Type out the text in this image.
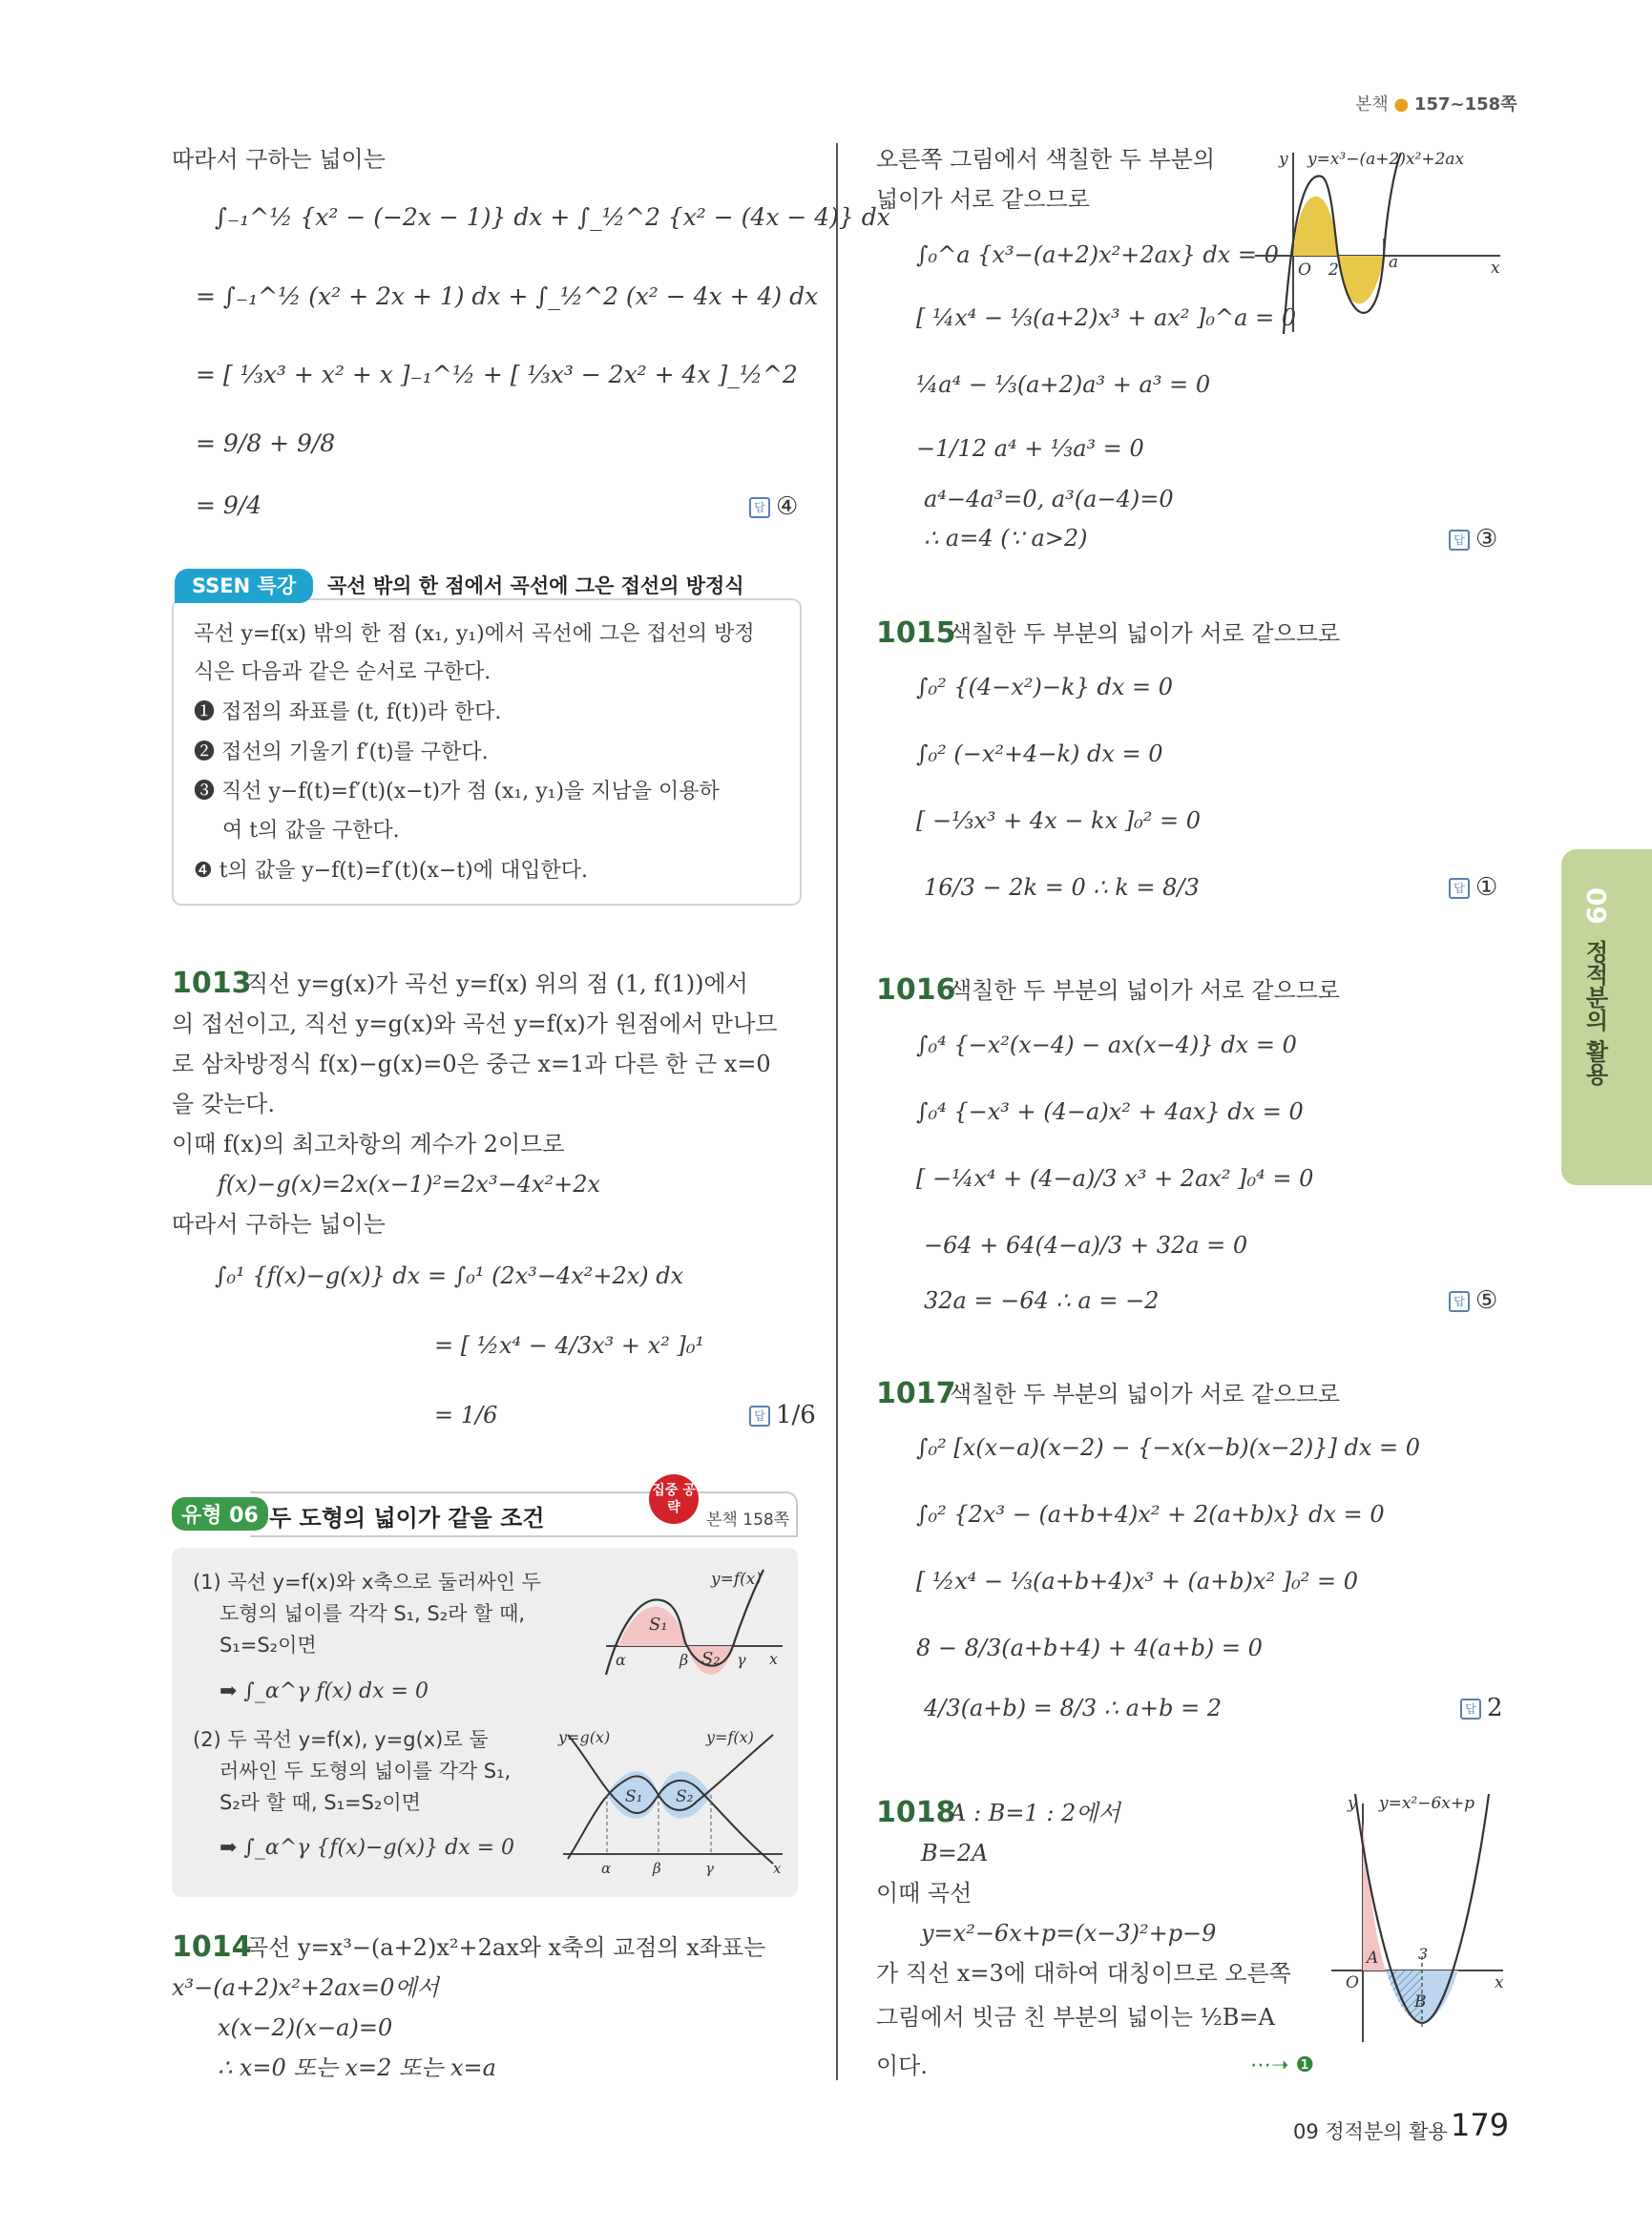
본책 ● 157~158쪽
따라서 구하는 넓이는
∫₋₁^½ {x² − (−2x − 1)} dx + ∫_½^2 {x² − (4x − 4)} dx
= ∫₋₁^½ (x² + 2x + 1) dx + ∫_½^2 (x² − 4x + 4) dx
= [ ⅓x³ + x² + x ]₋₁^½ + [ ⅓x³ − 2x² + 4x ]_½^2
= 9/8 + 9/8
= 9/4	답 ④
SSEN 특강	곡선 밖의 한 점에서 곡선에 그은 접선의 방정식
곡선 y=f(x) 밖의 한 점 (x₁, y₁)에서 곡선에 그은 접선의 방정
식은 다음과 같은 순서로 구한다.
❶ 접점의 좌표를 (t, f(t))라 한다.
❷ 접선의 기울기 f′(t)를 구한다.
❸ 직선 y−f(t)=f′(t)(x−t)가 점 (x₁, y₁)을 지남을 이용하
여 t의 값을 구한다.
❹ t의 값을 y−f(t)=f′(t)(x−t)에 대입한다.
1013
직선 y=g(x)가 곡선 y=f(x) 위의 점 (1, f(1))에서
의 접선이고, 직선 y=g(x)와 곡선 y=f(x)가 원점에서 만나므
로 삼차방정식 f(x)−g(x)=0은 중근 x=1과 다른 한 근 x=0
을 갖는다.
이때 f(x)의 최고차항의 계수가 2이므로
f(x)−g(x)=2x(x−1)²=2x³−4x²+2x
따라서 구하는 넓이는
∫₀¹ {f(x)−g(x)} dx = ∫₀¹ (2x³−4x²+2x) dx
= [ ½x⁴ − 4/3x³ + x² ]₀¹
= 1/6	답 1/6
유형 06 두 도형의 넓이가 같을 조건
집중 공략
본책 158쪽
(1) 곡선 y=f(x)와 x축으로 둘러싸인 두
도형의 넓이를 각각 S₁, S₂라 할 때,
S₁=S₂이면
➡ ∫_α^γ f(x) dx = 0
(2) 두 곡선 y=f(x), y=g(x)로 둘
러싸인 두 도형의 넓이를 각각 S₁,
S₂라 할 때, S₁=S₂이면
➡ ∫_α^γ {f(x)−g(x)} dx = 0
S₁
S₂
α	β	γ x
y=f(x)
S₁ S₂
α	β	γ	x
y=g(x)	y=f(x)
1014
곡선 y=x³−(a+2)x²+2ax와 x축의 교점의 x좌표는
x³−(a+2)x²+2ax=0에서
x(x−2)(x−a)=0
∴ x=0 또는 x=2 또는 x=a
오른쪽 그림에서 색칠한 두 부분의
넓이가 서로 같으므로
∫₀^a {x³−(a+2)x²+2ax} dx = 0
[ ¼x⁴ − ⅓(a+2)x³ + ax² ]₀^a = 0
¼a⁴ − ⅓(a+2)a³ + a³ = 0
−1/12 a⁴ + ⅓a³ = 0
a⁴−4a³=0, a³(a−4)=0
∴ a=4 (∵ a>2)	답 ③
O 2	a	x
y y=x³−(a+2)x²+2ax
1015
색칠한 두 부분의 넓이가 서로 같으므로
∫₀² {(4−x²)−k} dx = 0
∫₀² (−x²+4−k) dx = 0
[ −⅓x³ + 4x − kx ]₀² = 0
16/3 − 2k = 0 ∴ k = 8/3	답 ①
1016
색칠한 두 부분의 넓이가 서로 같으므로
∫₀⁴ {−x²(x−4) − ax(x−4)} dx = 0
∫₀⁴ {−x³ + (4−a)x² + 4ax} dx = 0
[ −¼x⁴ + (4−a)/3 x³ + 2ax² ]₀⁴ = 0
−64 + 64(4−a)/3 + 32a = 0
32a = −64 ∴ a = −2	답 ⑤
1017
색칠한 두 부분의 넓이가 서로 같으므로
∫₀² [x(x−a)(x−2) − {−x(x−b)(x−2)}] dx = 0
∫₀² {2x³ − (a+b+4)x² + 2(a+b)x} dx = 0
[ ½x⁴ − ⅓(a+b+4)x³ + (a+b)x² ]₀² = 0
8 − 8/3(a+b+4) + 4(a+b) = 0
4/3(a+b) = 8/3 ∴ a+b = 2	답 2
1018
A : B=1 : 2에서
B=2A
이때 곡선
y=x²−6x+p=(x−3)²+p−9
가 직선 x=3에 대하여 대칭이므로 오른쪽
그림에서 빗금 친 부분의 넓이는 ½B=A
이다.	⋯➝ ❶
A
B
3
O	x
y y=x²−6x+p
09
정적분의 활용
09 정적분의 활용 179
